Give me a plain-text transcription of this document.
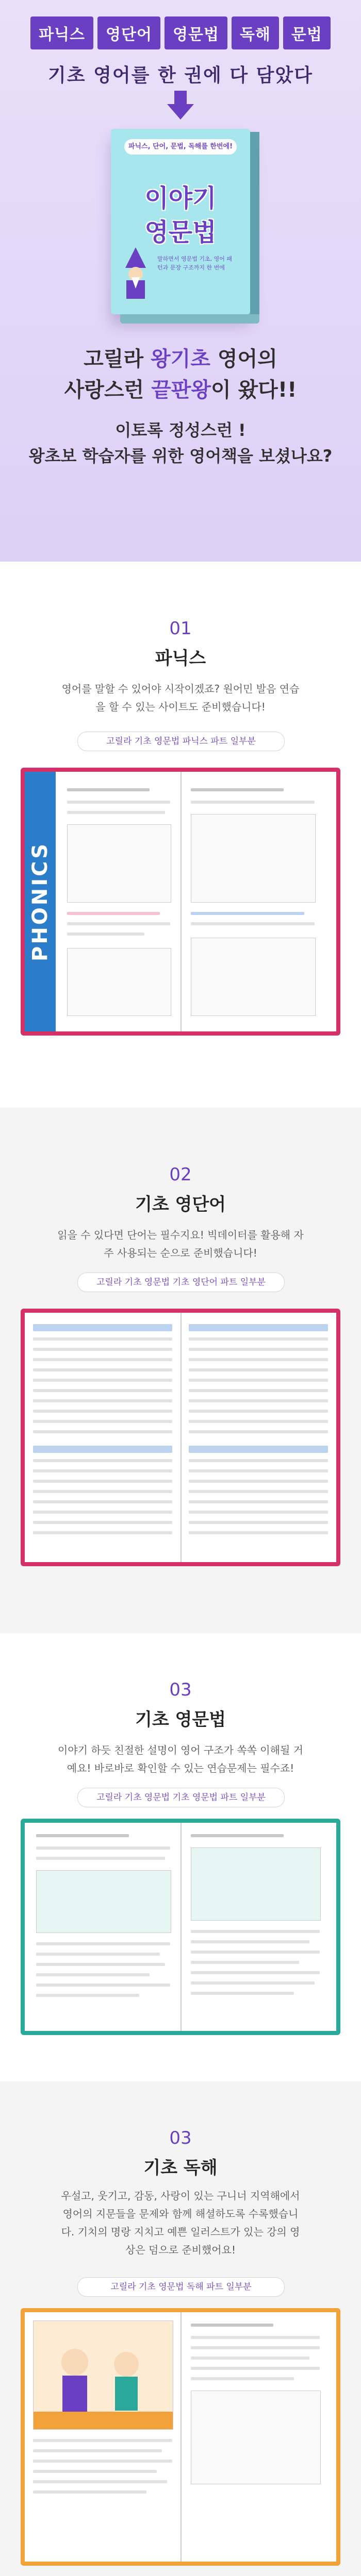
파닉스	영단어	영문법	독해	문법
기초 영어를 한 권에 다 담았다
파닉스, 단어, 문법, 독해를 한번에!
이야기
영문법
말하면서 영문법 기초, 영어 패턴과 문장 구조까지 한 번에
고릴라 왕기초 영어의
사랑스런 끝판왕이 왔다!!
이토록 정성스런 !
왕초보 학습자를 위한 영어책을 보셨나요?
01
파닉스
영어를 말할 수 있어야 시작이겠죠? 원어민 발음 연습을 할 수 있는 사이트도 준비했습니다!
고릴라 기초 영문법 파닉스 파트 일부분
PHONICS
02
기초 영단어
읽을 수 있다면 단어는 필수지요! 빅데이터를 활용해 자주 사용되는 순으로 준비했습니다!
고릴라 기초 영문법 기초 영단어 파트 일부분
03
기초 영문법
이야기 하듯 친절한 설명이 영어 구조가 쏙쏙 이해될 거예요! 바로바로 확인할 수 있는 연습문제는 필수죠!
고릴라 기초 영문법 기초 영문법 파트 일부분
03
기초 독해
우설고, 웃기고, 감동, 사랑이 있는 구니너 지역해에서 영어의 지문들을 문제와 함께 해셜하도록 수록했습니다. 기치의 명랑 지치고 예쁜 일러스트가 있는 강의 영상은 덤으로 준비했어요!
고릴라 기초 영문법 독해 파트 일부분
